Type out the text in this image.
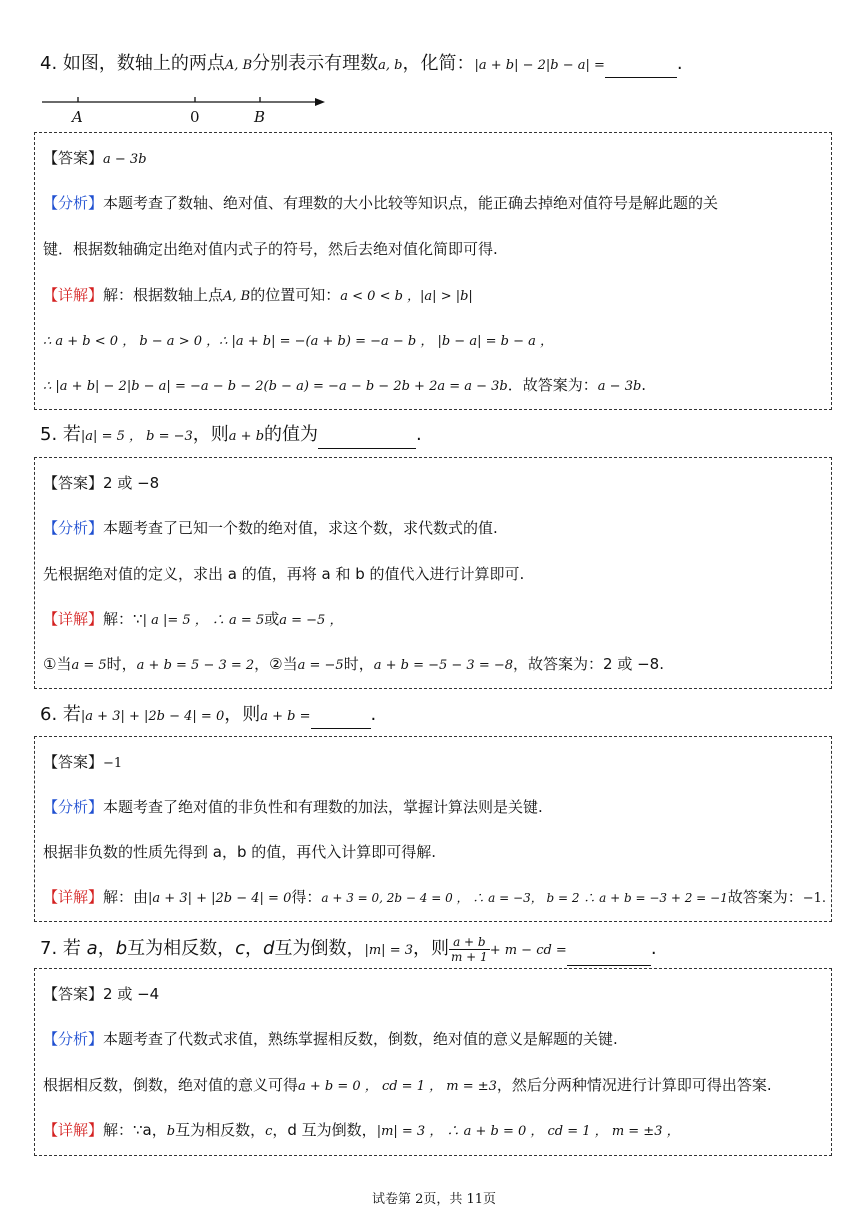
4. 如图，数轴上的两点A, B分别表示有理数a, b，化简：|a + b| − 2|b − a| =	.
A	0	B
【答案】a − 3b
【分析】本题考查了数轴、绝对值、有理数的大小比较等知识点，能正确去掉绝对值符号是解此题的关
键．根据数轴确定出绝对值内式子的符号，然后去绝对值化简即可得.
【详解】解：根据数轴上点A, B的位置可知：a < 0 < b ，|a| > |b|
∴ a + b < 0 ， b − a > 0 ，∴ |a + b| = −(a + b) = −a − b ， |b − a| = b − a ，
∴ |a + b| − 2|b − a| = −a − b − 2(b − a) = −a − b − 2b + 2a = a − 3b．故答案为：a − 3b.
5. 若|a| = 5 ， b = −3，则a + b的值为	.
【答案】2 或 −8
【分析】本题考查了已知一个数的绝对值，求这个数，求代数式的值.
先根据绝对值的定义，求出 a 的值，再将 a 和 b 的值代入进行计算即可.
【详解】解：∵| a |= 5 ， ∴ a = 5或a = −5 ，
①当a = 5时，a + b = 5 − 3 = 2，②当a = −5时，a + b = −5 − 3 = −8，故答案为：2 或 −8.
6. 若|a + 3| + |2b − 4| = 0，则a + b =	.
【答案】−1
【分析】本题考查了绝对值的非负性和有理数的加法，掌握计算法则是关键.
根据非负数的性质先得到 a，b 的值，再代入计算即可得解.
【详解】解：由|a + 3| + |2b − 4| = 0得：a + 3 = 0, 2b − 4 = 0 ， ∴ a = −3， b = 2 ∴ a + b = −3 + 2 = −1故答案为：−1.
7. 若 a，b互为相反数，c，d互为倒数，|m| = 3，则 $\frac{a + b}{m + 1} + m$ − cd =	.
【答案】2 或 −4
【分析】本题考查了代数式求值，熟练掌握相反数，倒数，绝对值的意义是解题的关键.
根据相反数，倒数，绝对值的意义可得a + b = 0 ， cd = 1 ， m = ±3，然后分两种情况进行计算即可得出答案.
【详解】解：∵a，b互为相反数，c，d 互为倒数，|m| = 3 ， ∴ a + b = 0 ， cd = 1 ， m = ±3 ，
试卷第 2页，共 11页
